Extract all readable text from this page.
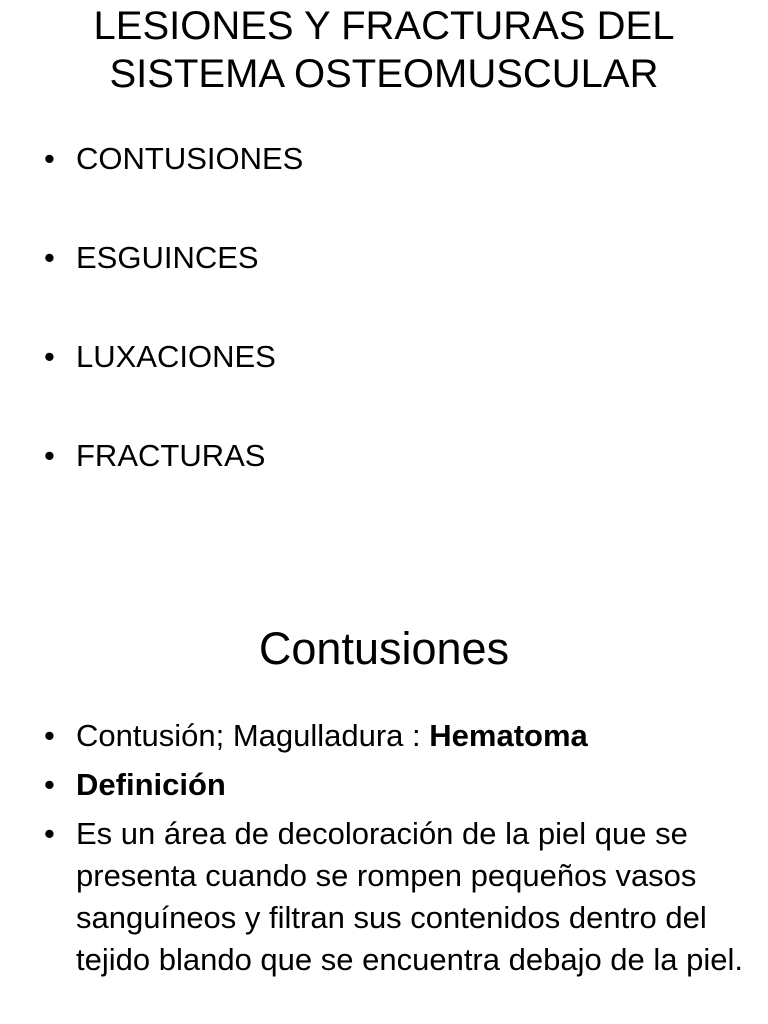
LESIONES Y FRACTURAS DEL
SISTEMA OSTEOMUSCULAR
• CONTUSIONES
• ESGUINCES
• LUXACIONES
• FRACTURAS
Contusiones
• Contusión; Magulladura : Hematoma
• Definición
• Es un área de decoloración de la piel que se presenta cuando se rompen pequeños vasos sanguíneos y filtran sus contenidos dentro del tejido blando que se encuentra debajo de la piel.
